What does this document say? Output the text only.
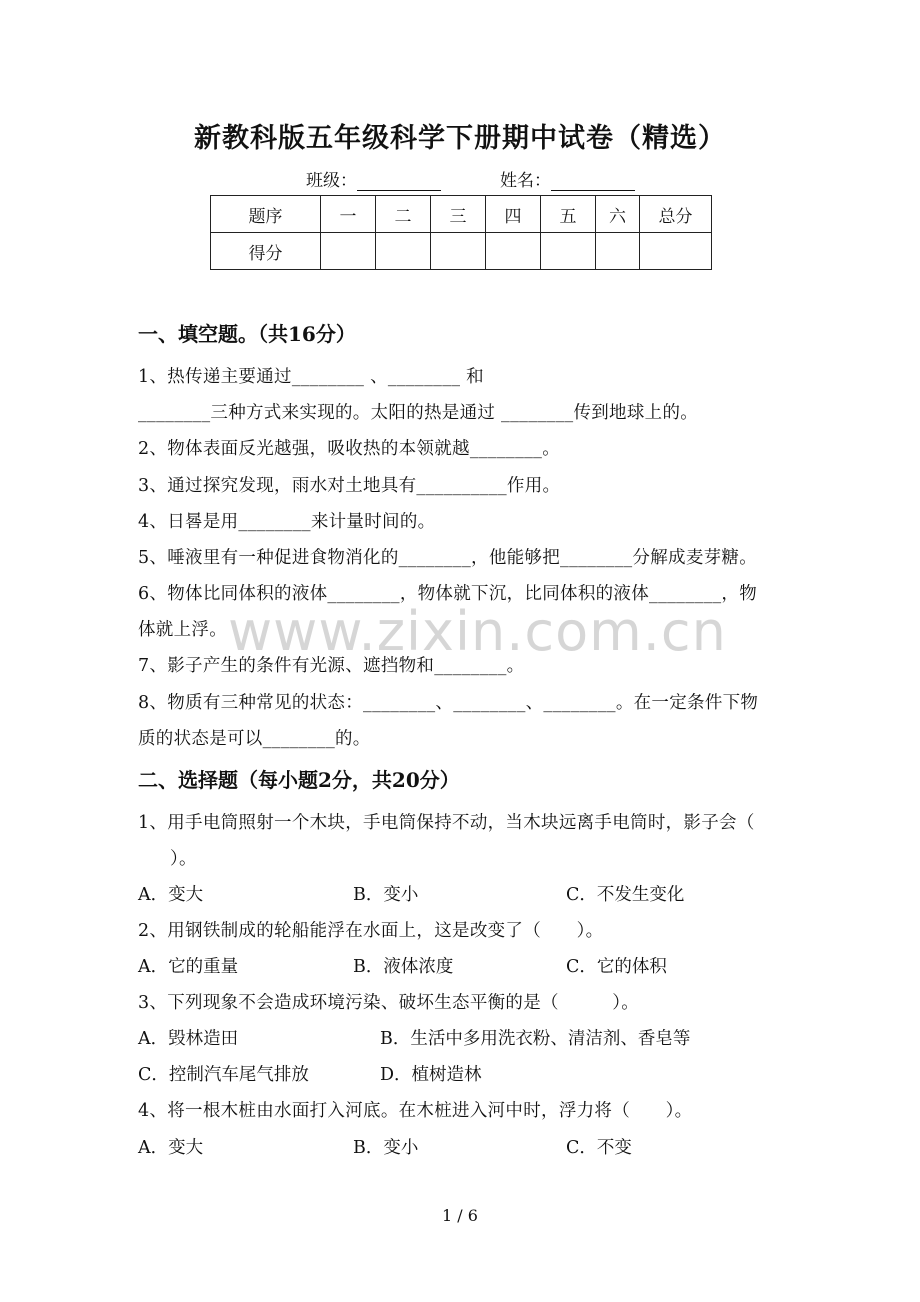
新教科版五年级科学下册期中试卷（精选）
班级：	姓名：
题序	一	二	三	四	五	六	总分
得分							
www.zixin.com.cn
一、填空题。（共16分）
1、热传递主要通过________ 、________ 和
________三种方式来实现的。太阳的热是通过 ________传到地球上的。
2、物体表面反光越强，吸收热的本领就越________。
3、通过探究发现，雨水对土地具有__________作用。
4、日晷是用________来计量时间的。
5、唾液里有一种促进食物消化的________，他能够把________分解成麦芽糖。
6、物体比同体积的液体________，物体就下沉，比同体积的液体________，物
体就上浮。
7、影子产生的条件有光源、遮挡物和________。
8、物质有三种常见的状态：________、________、________。在一定条件下物
质的状态是可以________的。
二、选择题（每小题2分，共20分）
1、用手电筒照射一个木块，手电筒保持不动，当木块远离手电筒时，影子会（
）。
A．变大	B．变小	C．不发生变化
2、用钢铁制成的轮船能浮在水面上，这是改变了（　　）。
A．它的重量	B．液体浓度	C．它的体积
3、下列现象不会造成环境污染、破坏生态平衡的是（　　　）。
A．毁林造田	B．生活中多用洗衣粉、清洁剂、香皂等
C．控制汽车尾气排放	D．植树造林
4、将一根木桩由水面打入河底。在木桩进入河中时，浮力将（　　）。
A．变大	B．变小	C．不变
1 / 6
